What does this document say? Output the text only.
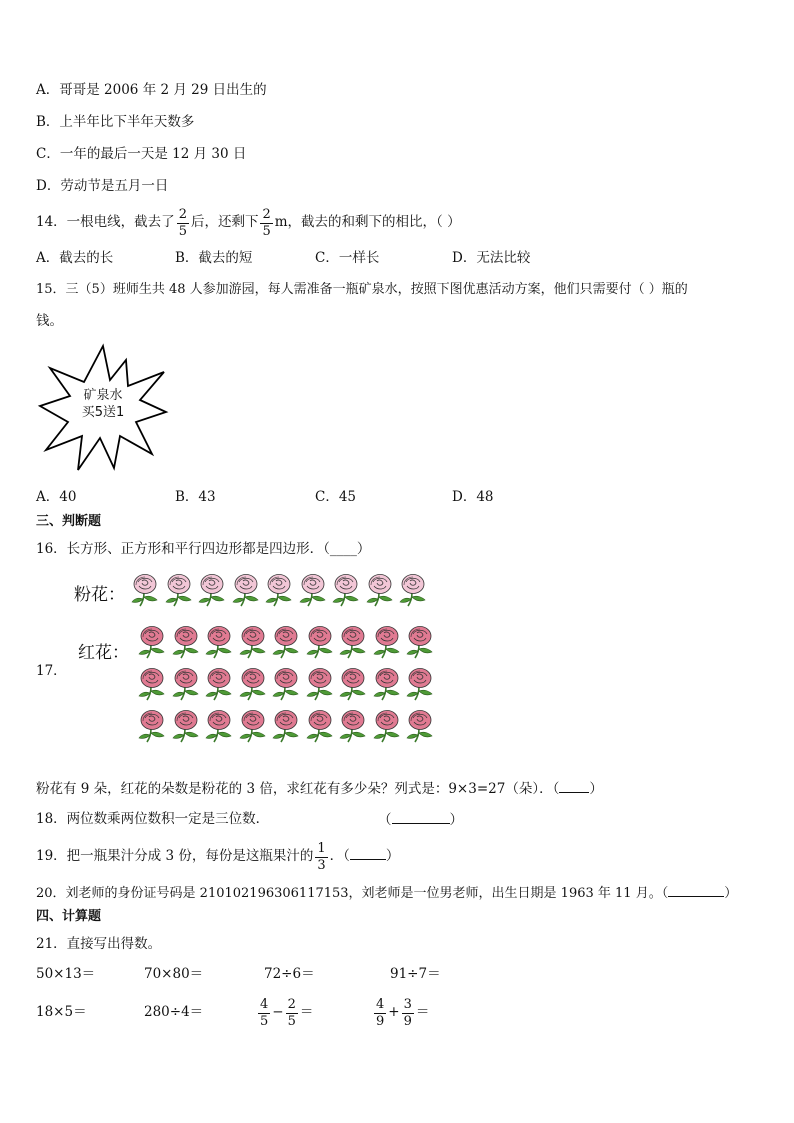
A．哥哥是 2006 年 2 月 29 日出生的
B．上半年比下半年天数多
C．一年的最后一天是 12 月 30 日
D．劳动节是五月一日
14．一根电线，截去了 $\frac{2}{5}$ 后，还剩下 $\frac{2}{5}$ m，截去的和剩下的相比，（ ）
A．截去的长	B．截去的短	C．一样长	D．无法比较
15．三（5）班师生共 48 人参加游园，每人需准备一瓶矿泉水，按照下图优惠活动方案，他们只需要付（ ）瓶的
钱。
矿泉水
买5送1
A．40	B．43	C．45	D．48
三、判断题
16．长方形、正方形和平行四边形都是四边形．（____）
粉花：
红花：
17．
粉花有 9 朵，红花的朵数是粉花的 3 倍，求红花有多少朵？列式是：9×3=27（朵）．（ ）
18．两位数乘两位数积一定是三位数．	（	）
19．把一瓶果汁分成 3 份，每份是这瓶果汁的 $\frac{1}{3}$ ．（	）
20．刘老师的身份证号码是 210102196306117153，刘老师是一位男老师，出生日期是 1963 年 11 月。（	）
四、计算题
21．直接写出得数。
50×13＝	70×80＝	72÷6＝	91÷7＝
18×5＝	280÷4＝	$\frac{4}{5} - \frac{2}{5}$ ＝	$\frac{4}{9} + \frac{3}{9}$ ＝
